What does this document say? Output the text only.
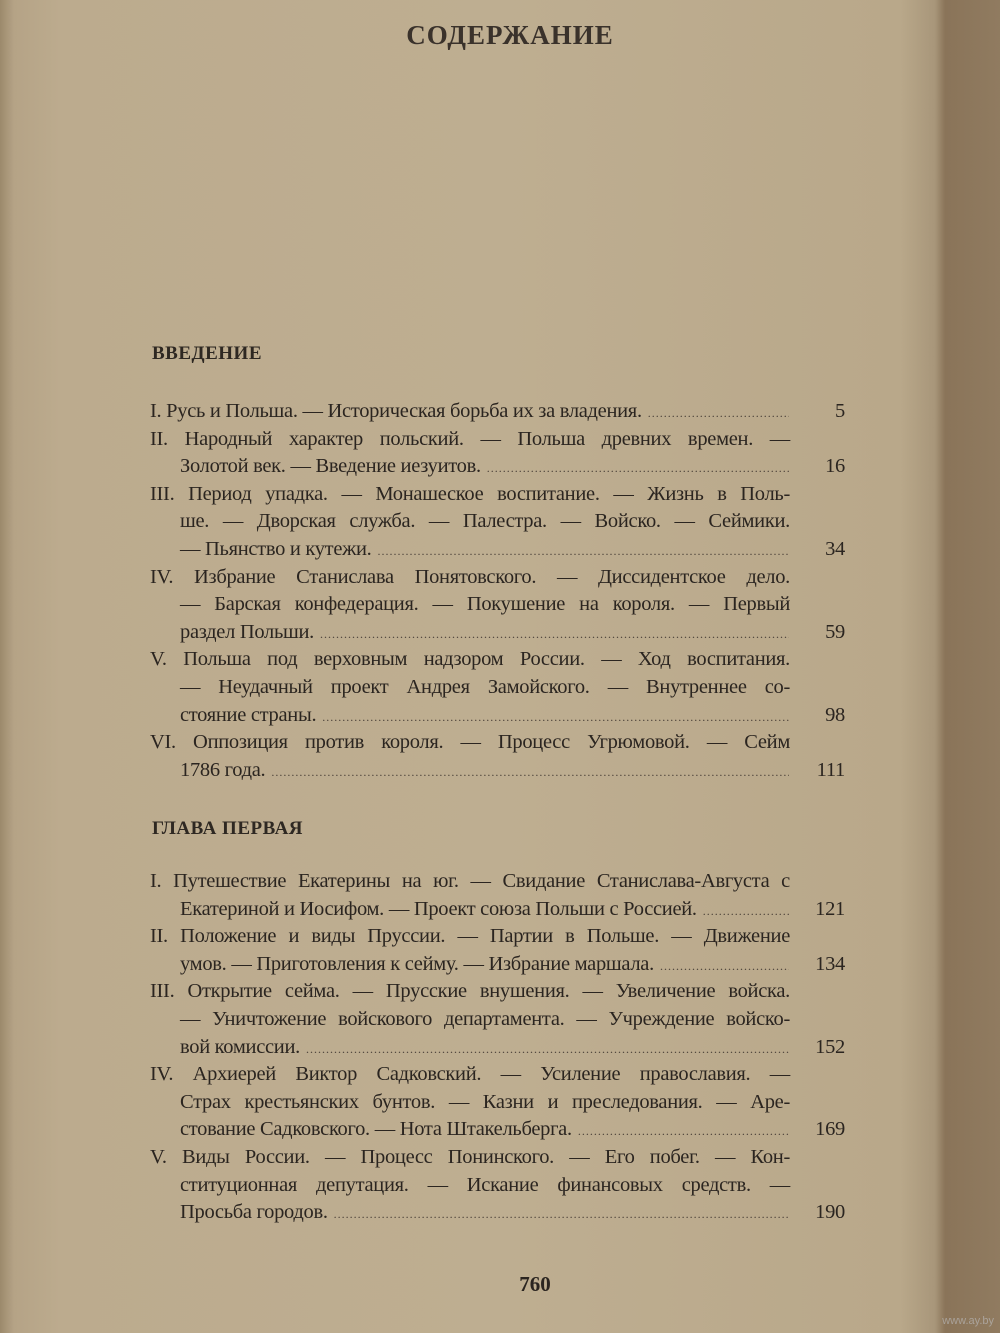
СОДЕРЖАНИЕ
ВВЕДЕНИЕ
I. Русь и Польша. — Историческая борьба их за владения. .....	5
II. Народный характер польский. — Польша древних времен. —
Золотой век. — Введение иезуитов. .....	16
III. Период упадка. — Монашеское воспитание. — Жизнь в Поль-
ше. — Дворская служба. — Палестра. — Войско. — Сеймики.
— Пьянство и кутежи. .....	34
IV. Избрание Станислава Понятовского. — Диссидентское дело.
— Барская конфедерация. — Покушение на короля. — Первый
раздел Польши. .....	59
V. Польша под верховным надзором России. — Ход воспитания.
— Неудачный проект Андрея Замойского. — Внутреннее со-
стояние страны. .....	98
VI. Оппозиция против короля. — Процесс Угрюмовой. — Сейм
1786 года. .....	111
ГЛАВА ПЕРВАЯ
I. Путешествие Екатерины на юг. — Свидание Станислава-Августа с
Екатериной и Иосифом. — Проект союза Польши с Россией. .....	121
II. Положение и виды Пруссии. — Партии в Польше. — Движение
умов. — Приготовления к сейму. — Избрание маршала. .....	134
III. Открытие сейма. — Прусские внушения. — Увеличение войска.
— Уничтожение войскового департамента. — Учреждение войско-
вой комиссии. .....	152
IV. Архиерей Виктор Садковский. — Усиление православия. —
Страх крестьянских бунтов. — Казни и преследования. — Аре-
стование Садковского. — Нота Штакельберга. .....	169
V. Виды России. — Процесс Понинского. — Его побег. — Кон-
ституционная депутация. — Искание финансовых средств. —
Просьба городов. .....	190
760
www.ay.by
